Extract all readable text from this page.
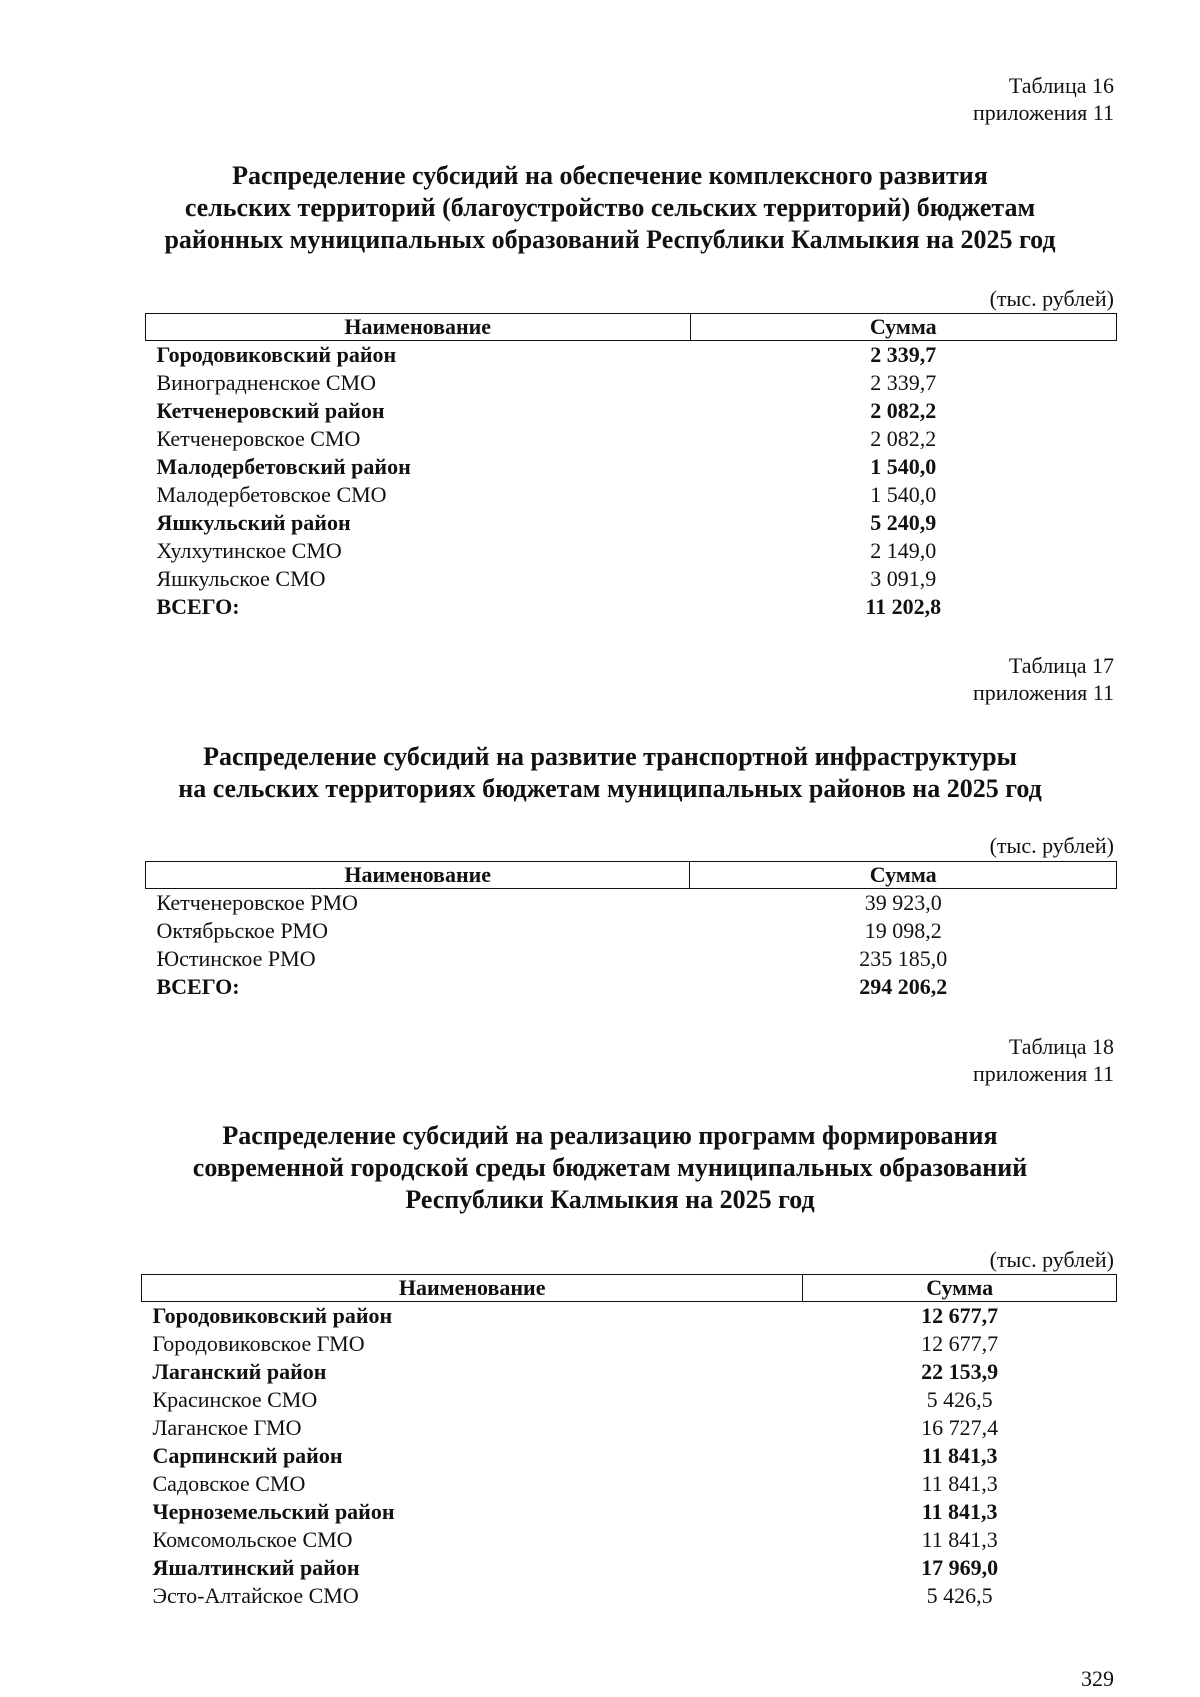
Таблица 16
приложения 11
Распределение субсидий на обеспечение комплексного развития
сельских территорий (благоустройство сельских территорий) бюджетам
районных муниципальных образований Республики Калмыкия на 2025 год
(тыс. рублей)
Наименование	Сумма
Городовиковский район	2 339,7
Виноградненское СМО	2 339,7
Кетченеровский район	2 082,2
Кетченеровское СМО	2 082,2
Малодербетовский район	1 540,0
Малодербетовское СМО	1 540,0
Яшкульский район	5 240,9
Хулхутинское СМО	2 149,0
Яшкульское СМО	3 091,9
ВСЕГО:	11 202,8
Таблица 17
приложения 11
Распределение субсидий на развитие транспортной инфраструктуры
на сельских территориях бюджетам муниципальных районов на 2025 год
(тыс. рублей)
Наименование	Сумма
Кетченеровское РМО	39 923,0
Октябрьское РМО	19 098,2
Юстинское РМО	235 185,0
ВСЕГО:	294 206,2
Таблица 18
приложения 11
Распределение субсидий на реализацию программ формирования
современной городской среды бюджетам муниципальных образований
Республики Калмыкия на 2025 год
(тыс. рублей)
Наименование	Сумма
Городовиковский район	12 677,7
Городовиковское ГМО	12 677,7
Лаганский район	22 153,9
Красинское СМО	5 426,5
Лаганское ГМО	16 727,4
Сарпинский район	11 841,3
Садовское СМО	11 841,3
Черноземельский район	11 841,3
Комсомольское СМО	11 841,3
Яшалтинский район	17 969,0
Эсто-Алтайское СМО	5 426,5
329
